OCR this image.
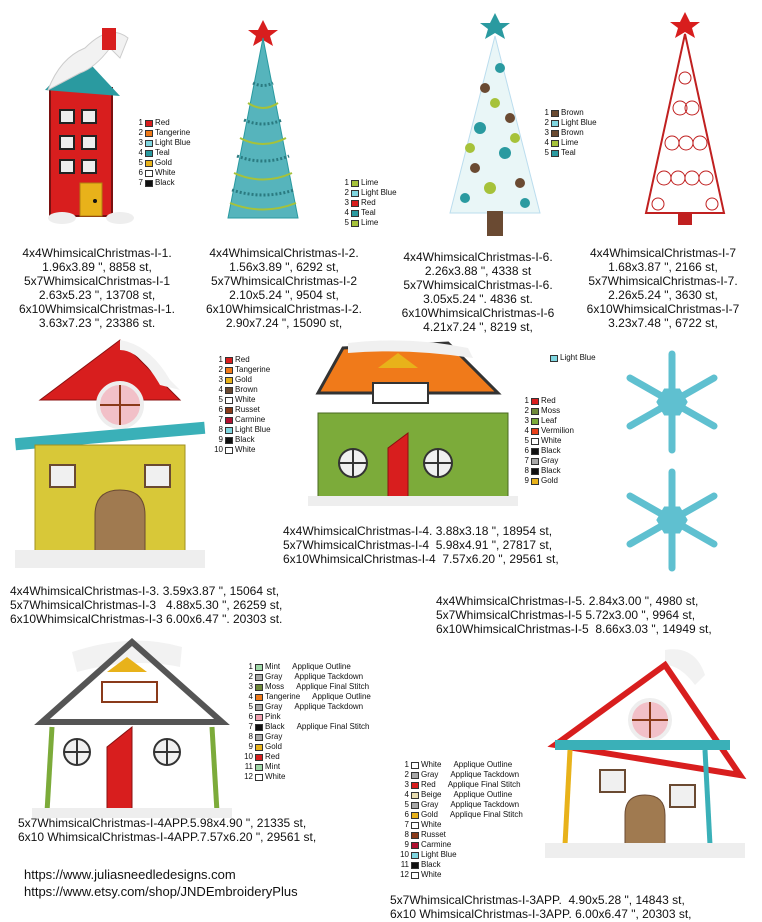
1 Red
2 Tangerine
3 Light Blue
4 Teal
5 Gold
6 White
7 Black	1 Lime
2 Light Blue
3 Red
4 Teal
5 Lime
1 Brown
2 Light Blue
3 Brown
4 Lime
5 Teal
1 Red
2 Tangerine
3 Gold
4 Brown
5 White
6 Russet
7 Carmine
8 Light Blue
9 Black
10 White
Light Blue
1 Red
2 Moss
3 Leaf
4 Vermilion
5 White
6 Black
7 Gray
8 Black
9 Gold
1 Mint Applique Outline
2 Gray Applique Tackdown
3 Moss Applique Final Stitch
4 Tangerine Applique Outline
5 Gray Applique Tackdown
6 Pink
7 Black Applique Final Stitch
8 Gray
9 Gold
10 Red
11 Mint
12 White
1 White Applique Outline
2 Gray Applique Tackdown
3 Red Applique Final Stitch
4 Beige Applique Outline
5 Gray Applique Tackdown
6 Gold Applique Final Stitch
7 White
8 Russet
9 Carmine
10 Light Blue
11 Black
12 White
4x4WhimsicalChristmas-I-1.
1.96x3.89 ", 8858 st,
5x7WhimsicalChristmas-I-1
2.63x5.23 ", 13708 st,
6x10WhimsicalChristmas-I-1.
3.63x7.23 ", 23386 st.
4x4WhimsicalChristmas-I-2.
1.56x3.89 ", 6292 st,
5x7WhimsicalChristmas-I-2
2.10x5.24 ", 9504 st,
6x10WhimsicalChristmas-I-2.
2.90x7.24 ", 15090 st,
4x4WhimsicalChristmas-I-6.
2.26x3.88 ", 4338 st
5x7WhimsicalChristmas-I-6.
3.05x5.24 ". 4836 st.
6x10WhimsicalChristmas-I-6
4.21x7.24 ", 8219 st,
4x4WhimsicalChristmas-I-7
1.68x3.87 ", 2166 st,
5x7WhimsicalChristmas-I-7.
2.26x5.24 ", 3630 st,
6x10WhimsicalChristmas-I-7
3.23x7.48 ", 6722 st,
4x4WhimsicalChristmas-I-3. 3.59x3.87 ", 15064 st,
5x7WhimsicalChristmas-I-3   4.88x5.30 ", 26259 st,
6x10WhimsicalChristmas-I-3 6.00x6.47 ". 20303 st.
4x4WhimsicalChristmas-I-4. 3.88x3.18 ", 18954 st,
5x7WhimsicalChristmas-I-4  5.98x4.91 ", 27817 st,
6x10WhimsicalChristmas-I-4  7.57x6.20 ", 29561 st,
4x4WhimsicalChristmas-I-5. 2.84x3.00 ", 4980 st,
5x7WhimsicalChristmas-I-5 5.72x3.00 ", 9964 st,
6x10WhimsicalChristmas-I-5  8.66x3.03 ", 14949 st,
5x7WhimsicalChristmas-I-4APP.5.98x4.90 ", 21335 st,
6x10 WhimsicalChristmas-I-4APP.7.57x6.20 ", 29561 st,
5x7WhimsicalChristmas-I-3APP.  4.90x5.28 ", 14843 st,
6x10 WhimsicalChristmas-I-3APP. 6.00x6.47 ", 20303 st,
https://www.juliasneedledesigns.com
https://www.etsy.com/shop/JNDEmbroideryPlus
